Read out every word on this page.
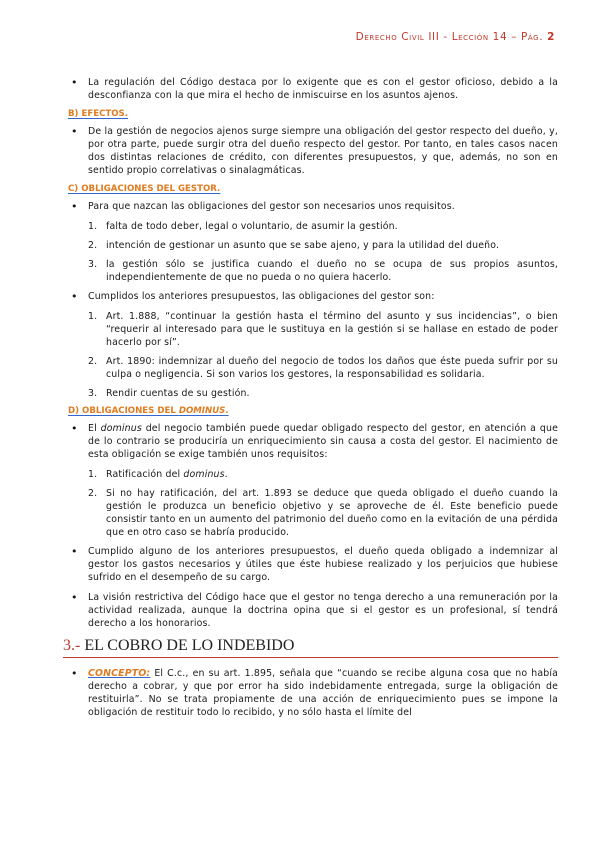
Derecho Civil III - Lección 14 – Pág. 2

• La regulación del Código destaca por lo exigente que es con el gestor oficioso, debido a la desconfianza con la que mira el hecho de inmiscuirse en los asuntos ajenos.

B) EFECTOS.

• De la gestión de negocios ajenos surge siempre una obligación del gestor respecto del dueño, y, por otra parte, puede surgir otra del dueño respecto del gestor. Por tanto, en tales casos nacen dos distintas relaciones de crédito, con diferentes presupuestos, y que, además, no son en sentido propio correlativas o sinalagmáticas.

C) OBLIGACIONES DEL GESTOR.

• Para que nazcan las obligaciones del gestor son necesarios unos requisitos.

1. falta de todo deber, legal o voluntario, de asumir la gestión.
2. intención de gestionar un asunto que se sabe ajeno, y para la utilidad del dueño.
3. la gestión sólo se justifica cuando el dueño no se ocupa de sus propios asuntos, independientemente de que no pueda o no quiera hacerlo.

• Cumplidos los anteriores presupuestos, las obligaciones del gestor son:

1. Art. 1.888, “continuar la gestión hasta el término del asunto y sus incidencias”, o bien “requerir al interesado para que le sustituya en la gestión si se hallase en estado de poder hacerlo por sí”.
2. Art. 1890: indemnizar al dueño del negocio de todos los daños que éste pueda sufrir por su culpa o negligencia. Si son varios los gestores, la responsabilidad es solidaria.
3. Rendir cuentas de su gestión.
D) OBLIGACIONES DEL DOMINUS.

• El dominus del negocio también puede quedar obligado respecto del gestor, en atención a que de lo contrario se produciría un enriquecimiento sin causa a costa del gestor. El nacimiento de esta obligación se exige también unos requisitos:

1. Ratificación del dominus.
2. Si no hay ratificación, del art. 1.893 se deduce que queda obligado el dueño cuando la gestión le produzca un beneficio objetivo y se aproveche de él. Este beneficio puede consistir tanto en un aumento del patrimonio del dueño como en la evitación de una pérdida que en otro caso se habría producido.

• Cumplido alguno de los anteriores presupuestos, el dueño queda obligado a indemnizar al gestor los gastos necesarios y útiles que éste hubiese realizado y los perjuicios que hubiese sufrido en el desempeño de su cargo.

• La visión restrictiva del Código hace que el gestor no tenga derecho a una remuneración por la actividad realizada, aunque la doctrina opina que si el gestor es un profesional, sí tendrá derecho a los honorarios.

3.- EL COBRO DE LO INDEBIDO

• CONCEPTO: El C.c., en su art. 1.895, señala que “cuando se recibe alguna cosa que no había derecho a cobrar, y que por error ha sido indebidamente entregada, surge la obligación de restituirla”. No se trata propiamente de una acción de enriquecimiento pues se impone la obligación de restituir todo lo recibido, y no sólo hasta el límite del
